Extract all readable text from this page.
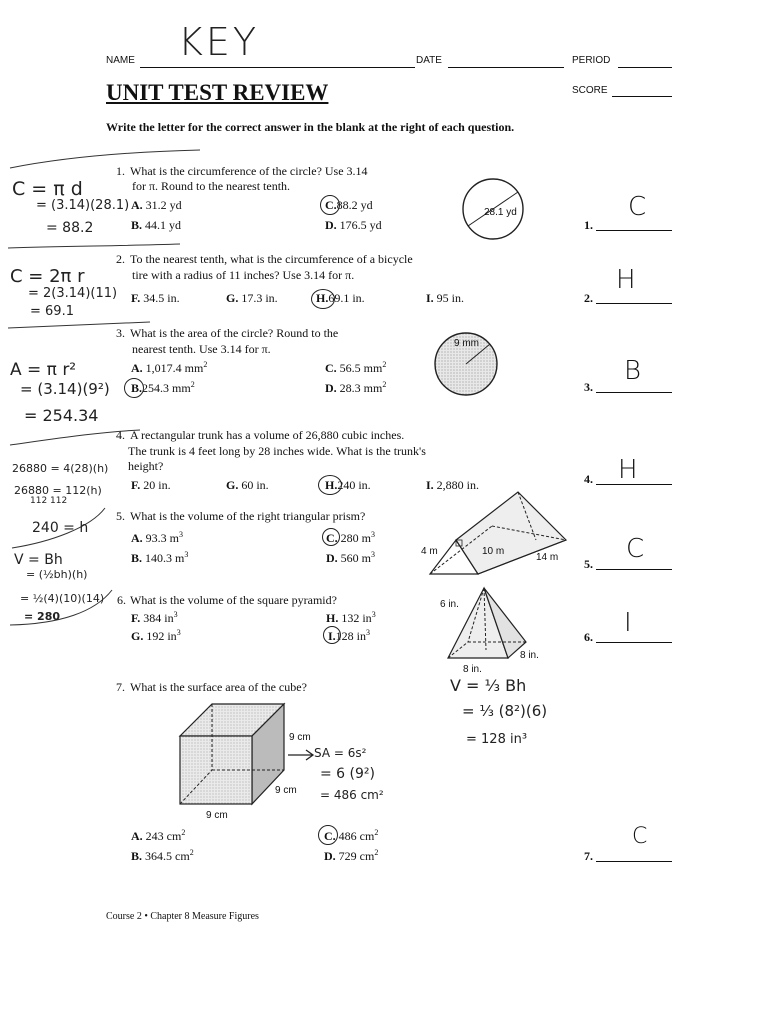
NAME KEY	DATE	PERIOD
SCORE
UNIT TEST REVIEW
Write the letter for the correct answer in the blank at the right of each question.
1. What is the circumference of the circle? Use 3.14
for π. Round to the nearest tenth.
A. 31.2 yd	C.88.2 yd
B. 44.1 yd	D. 176.5 yd
28.1 yd
1.
C
C = π d
= (3.14)(28.1)
= 88.2
2. To the nearest tenth, what is the circumference of a bicycle
tire with a radius of 11 inches? Use 3.14 for π.
F. 34.5 in.	G. 17.3 in.	H.69.1 in.	I. 95 in.	2.
H
C = 2π r
= 2(3.14)(11)
= 69.1
3. What is the area of the circle? Round to the
nearest tenth. Use 3.14 for π.
A. 1,017.4 $mm^2$	C. 56.5 $mm^2$
B.254.3 $mm^2$	D. 28.3 $mm^2$
9 mm
3.
B
A = π r²
= (3.14)(9²)
= 254.34
4. A rectangular trunk has a volume of 26,880 cubic inches.
The trunk is 4 feet long by 28 inches wide. What is the trunk's
height?
F. 20 in.	G. 60 in.	H.240 in.	I. 2,880 in.	4. H
26880 = 4(28)(h)
26880 = 112(h)
112 112
240 = h
5. What is the volume of the right triangular prism?
A. 93.3 $m^3$	C. 280 $m^3$
B. 140.3 $m^3$	D. 560 $m^3$	4 m	10 m
14 m 5. C
V = Bh
= (½bh)(h)
= ½(4)(10)(14)
= 280
6. What is the volume of the square pyramid?
F. 384 $in^3$	H. 132 $in^3$
G. 192 $in^3$	I.128 $in^3$
6 in.
8 in.
8 in.
6. I
V = ⅓ Bh
= ⅓ (8²)(6)
= 128 in³
7. What is the surface area of the cube?
9 cm
9 cm
9 cm
SA = 6s²
= 6 (9²)
= 486 cm²
A. 243 $cm^2$	C. 486 $cm^2$
B. 364.5 $cm^2$	D. 729 $cm^2$	7.
C
Course 2 • Chapter 8 Measure Figures
